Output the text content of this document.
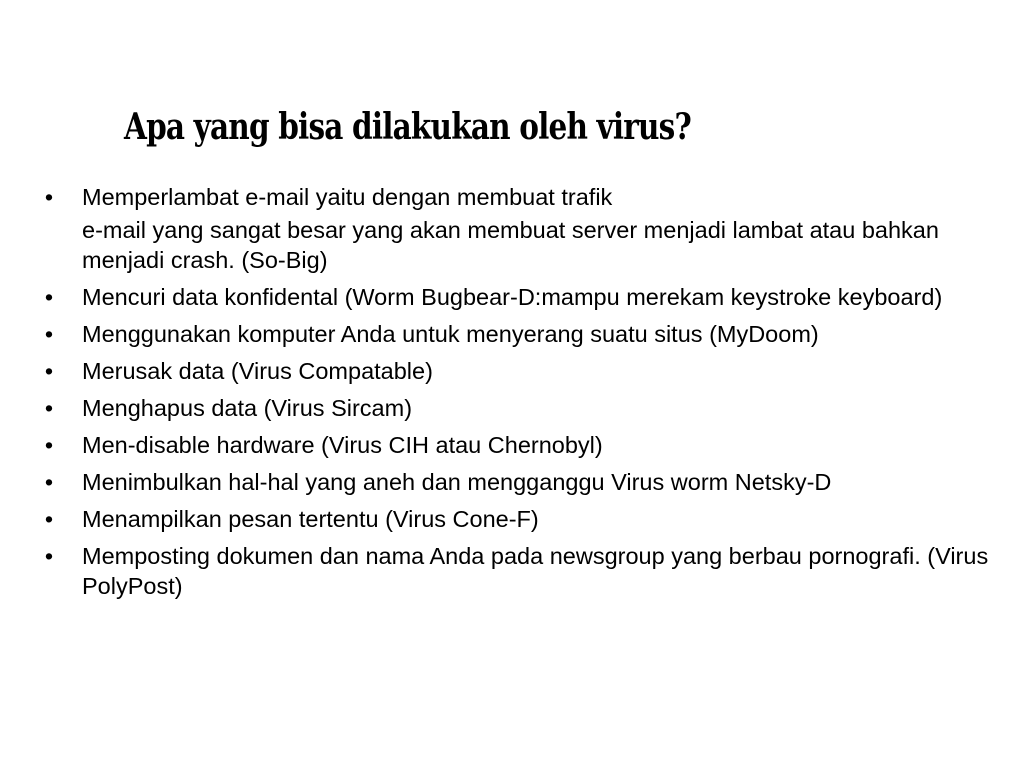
Apa yang bisa dilakukan oleh virus?
• Memperlambat e-mail yaitu dengan membuat trafik
e-mail yang sangat besar yang akan membuat server menjadi lambat atau bahkan menjadi crash. (So-Big)
• Mencuri data konfidental (Worm Bugbear-D:mampu merekam keystroke keyboard)
• Menggunakan komputer Anda untuk menyerang suatu situs (MyDoom)
• Merusak data (Virus Compatable)
• Menghapus data (Virus Sircam)
• Men-disable hardware (Virus CIH atau Chernobyl)
• Menimbulkan hal-hal yang aneh dan mengganggu Virus worm Netsky-D
• Menampilkan pesan tertentu (Virus Cone-F)
• Memposting dokumen dan nama Anda pada newsgroup yang berbau pornografi. (Virus PolyPost)
